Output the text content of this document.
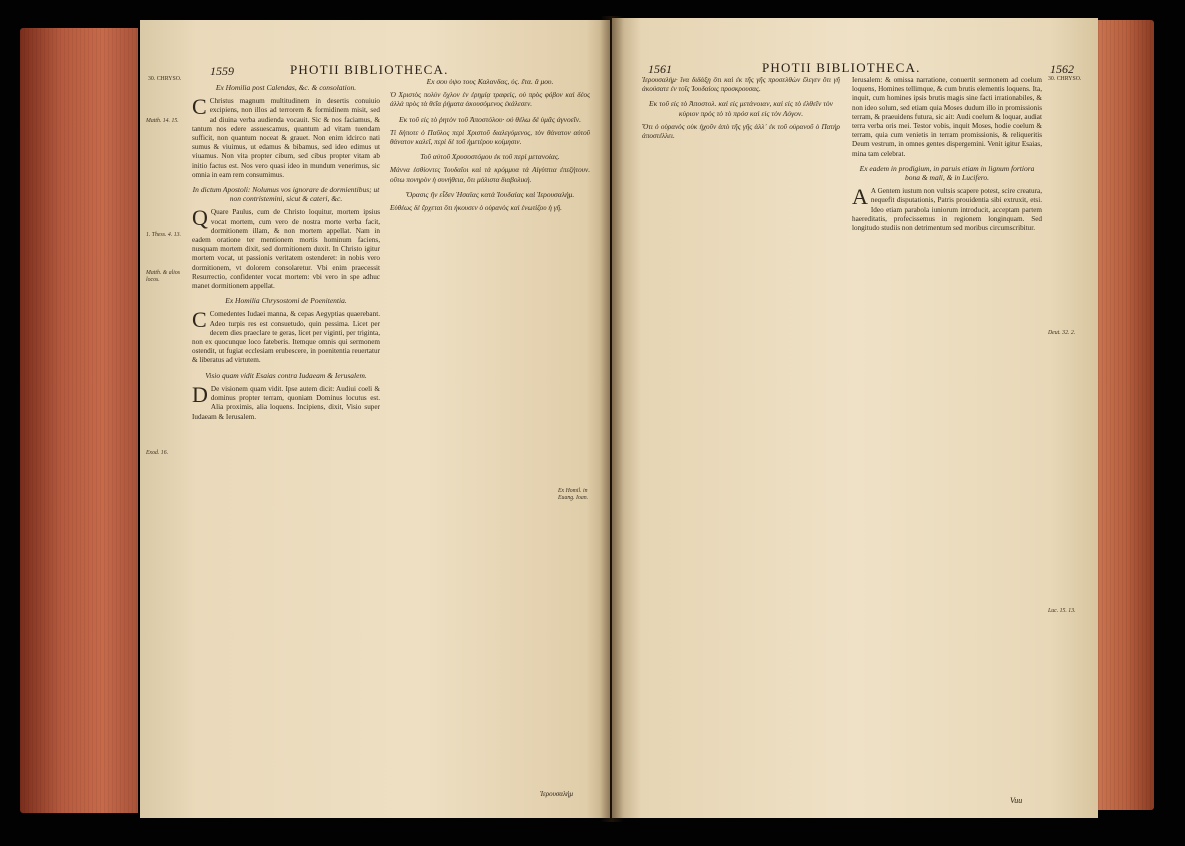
1559	PHOTII BIBLIOTHECA.
30. CHRYSO.
Matth. 14. 15.
1. Thess. 4. 13.
Matth. & alios locos.
Exod. 16.
Ex Homilia post Calendas, &c. & consolation.

C Christus magnum multitudinem in desertis conuiuio excipiens, non illos ad terrorem & formidinem misit, sed ad diuina verba audienda vocauit. Sic & nos faciamus, & tantum nos edere assuescamus, quantum ad vitam tuendam sufficit, non quantum noceat & grauet. Non enim idcirco nati sumus & viuimus, ut edamus & bibamus, sed ideo edimus ut viuamus. Non vita propter cibum, sed cibus propter vitam ab initio factus est. Nos vero quasi ideo in mundum venerimus, sic omnia in eam rem consumimus.

In dictum Apostoli: Nolumus vos ignorare de dormientibus; ut non contristemini, sicut & cateri, &c.

Q Quare Paulus, cum de Christo loquitur, mortem ipsius vocat mortem, cum vero de nostra morte verba facit, dormitionem illam, & non mortem appellat. Nam in eadem oratione ter mentionem mortis hominum faciens, nusquam mortem dixit, sed dormitionem duxit. In Christo igitur mortem vocat, ut passionis veritatem ostenderet: in nobis vero dormitionem, vt dolorem consolaretur. Vbi enim praecessit Resurrectio, confidenter vocat mortem: vbi vero in spe adhuc manet dormitionem appellat.

Ex Homilia Chrysostomi de Poenitentia.

C Comedentes Iudaei manna, & cepas Aegyptias quaerebant. Adeo turpis res est consuetudo, quin pessima. Licet per decem dies praeclare te geras, licet per viginti, per triginta, non ex quocunque loco fateberis. Itemque omnis qui sermonem ostendit, ut fugiat ecclesiam erubescere, in poenitentia reuertatur & liberatus ad virtutem.

Visio quam vidit Esaias contra Iudaeam & Ierusalem.

D De visionem quam vidit. Ipse autem dicit: Audiui coeli & dominus propter terram, quoniam Dominus locutus est. Alia proximis, alia loquens. Incipiens, dixit, Visio super Iudaeam & Ierusalem.

Ex σου ὑψο τους Καλανδας, ὑς. ἔτα. ἃ μου.

Ὁ Χριστὸς πολὺν ὄχλον ἐν ἐρημίᾳ τραφεὶς, οὐ πρὸς φόβον καὶ δέος ἀλλὰ πρὸς τὰ θεῖα ῥήματα ἀκουσόμενος ἐκάλεσεν.

Εκ τοῦ εἰς τὸ ῥητὸν τοῦ Ἀποστόλου· οὐ θέλω δὲ ὑμᾶς ἀγνοεῖν.

Τί δήποτε ὁ Παῦλος περὶ Χριστοῦ διαλεγόμενος, τὸν θάνατον αὐτοῦ θάνατον καλεῖ, περὶ δὲ τοῦ ἡμετέρου κοίμησιν.

Τοῦ αὐτοῦ Χρυσοστόμου ἐκ τοῦ περὶ μετανοίας.

Μάννα ἐσθίοντες Ἰουδαῖοι καὶ τὰ κρόμμυα τὰ Αἰγύπτια ἐπεζήτουν. οὕτω πονηρὸν ἡ συνήθεια, ὅτι μάλιστα διαβολικὴ.

Ὅρασις ἣν εἶδεν Ἠσαΐας κατὰ Ἰουδαίας καὶ Ἱερουσαλήμ.

Εὐθέως δὲ ἔρχεται ὅτι ἠκουσεν ὁ οὐρανὸς καὶ ἐνωτίζου ἡ γῆ.

Ἱερουσαλήμ
Ex Homil. in Euang. Ioan.
1561	PHOTII BIBLIOTHECA.	1562
30. CHRYSO.

Ἱερουσαλὴμ· ἵνα διδάξῃ ὅτι καὶ ἐκ τῆς γῆς προσελθὼν ἔλεγεν ὅτι γῆ ἀκούσατε ἐν τοῖς Ἰουδαίοις προσκρουσας.

Εκ τοῦ εἰς τὸ Ἀποστολ. καὶ εἰς μετάνοιαν, καὶ εἰς τὸ ἐλθεῖν τὸν κύριον πρὸς τὸ τὸ πρόσ καὶ εἰς τὸν Λόγον.

Ὅτι ὁ οὐρανὸς οὐκ ἠχοῦν ἀπὸ τῆς γῆς ἀλλ᾽ ἐκ τοῦ οὐρανοῦ ὁ Πατὴρ ἀποστέλλει.

Ierusalem: & omissa narratione, conuertit sermonem ad coelum loquens, Homines tellimque, & cum brutis elementis loquens. Ita, inquit, cum homines ipsis brutis magis sine facti irrationabiles, & non ideo solum, sed etiam quia Moses dudum illo in promissionis terram, & praeuidens futura, sic ait: Audi coelum & loquar, audiat terra verba oris mei. Testor vobis, inquit Moses, hodie coelum & terram, quia cum venietis in terram promissionis, & reliqueritis Deum vestrum, in omnes gentes dispergemini. Venit igitur Esaias, mina tam celebrat.

Ex eadem in prodigium, in paruis etiam in lignum fortiora bona & mali, & in Lucifero.

A A Gentem iustum non vultsis scapere potest, scire creatura, nequefit disputationis, Patris prouidentia sibi extruxit, etsi. Ideo etiam parabola iuniorum introducit, acceptam partem haereditatis, profecissemus in regionem longinquam. Sed longitudo studiis non detrimentum sed moribus circumscribitur.

Deut. 32. 2.
Luc. 15. 13.
Vuu
